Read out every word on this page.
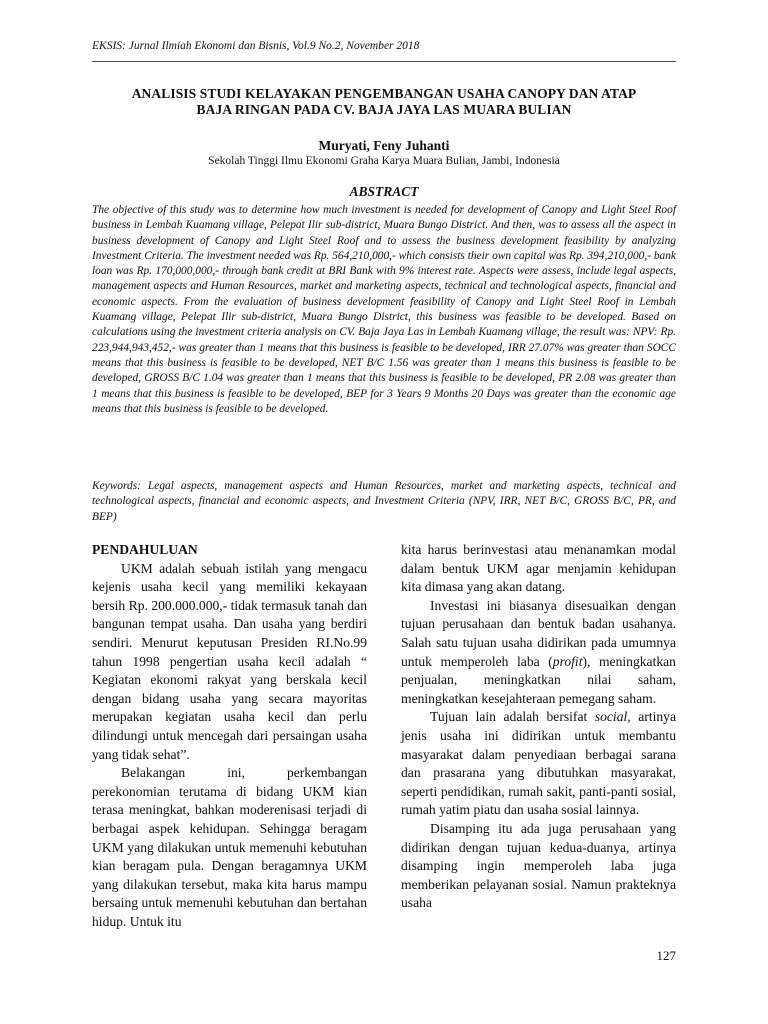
EKSIS: Jurnal Ilmiah Ekonomi dan Bisnis, Vol.9 No.2, November 2018
ANALISIS STUDI KELAYAKAN PENGEMBANGAN USAHA CANOPY DAN ATAP
BAJA RINGAN PADA CV. BAJA JAYA LAS MUARA BULIAN
Muryati, Feny Juhanti
Sekolah Tinggi Ilmu Ekonomi Graha Karya Muara Bulian, Jambi, Indonesia
ABSTRACT
The objective of this study was to determine how much investment is needed for development of Canopy and Light Steel Roof business in Lembah Kuamang village, Pelepat Ilir sub-district, Muara Bungo District. And then, was to assess all the aspect in business development of Canopy and Light Steel Roof and to assess the business development feasibility by analyzing Investment Criteria. The investment needed was Rp. 564,210,000,- which consists their own capital was Rp. 394,210,000,- bank loan was Rp. 170,000,000,- through bank credit at BRI Bank with 9% interest rate. Aspects were assess, include legal aspects, management aspects and Human Resources, market and marketing aspects, technical and technological aspects, financial and economic aspects. From the evaluation of business development feasibility of Canopy and Light Steel Roof in Lembah Kuamang village, Pelepat Ilir sub-district, Muara Bungo District, this business was feasible to be developed. Based on calculations using the investment criteria analysis on CV. Baja Jaya Las in Lembah Kuamang village, the result was: NPV: Rp. 223,944,943,452,- was greater than 1 means that this business is feasible to be developed, IRR 27.07% was greater than SOCC means that this business is feasible to be developed, NET B/C 1.56 was greater than 1 means this business is feasible to be developed, GROSS B/C 1.04 was greater than 1 means that this business is feasible to be developed, PR 2.08 was greater than 1 means that this business is feasible to be developed, BEP for 3 Years 9 Months 20 Days was greater than the economic age means that this business is feasible to be developed.
Keywords: Legal aspects, management aspects and Human Resources, market and marketing aspects, technical and technological aspects, financial and economic aspects, and Investment Criteria (NPV, IRR, NET B/C, GROSS B/C, PR, and BEP)

PENDAHULUAN

UKM adalah sebuah istilah yang mengacu kejenis usaha kecil yang memiliki kekayaan bersih Rp. 200.000.000,- tidak termasuk tanah dan bangunan tempat usaha. Dan usaha yang berdiri sendiri. Menurut keputusan Presiden RI.No.99 tahun 1998 pengertian usaha kecil adalah “ Kegiatan ekonomi rakyat yang berskala kecil dengan bidang usaha yang secara mayoritas merupakan kegiatan usaha kecil dan perlu dilindungi untuk mencegah dari persaingan usaha yang tidak sehat”.

Belakangan ini, perkembangan perekonomian terutama di bidang UKM kian terasa meningkat, bahkan moderenisasi terjadi di berbagai aspek kehidupan. Sehingga beragam UKM yang dilakukan untuk memenuhi kebutuhan kian beragam pula. Dengan beragamnya UKM yang dilakukan tersebut, maka kita harus mampu bersaing untuk memenuhi kebutuhan dan bertahan hidup. Untuk itu

kita harus berinvestasi atau menanamkan modal dalam bentuk UKM agar menjamin kehidupan kita dimasa yang akan datang.

Investasi ini biasanya disesuaikan dengan tujuan perusahaan dan bentuk badan usahanya. Salah satu tujuan usaha didirikan pada umumnya untuk memperoleh laba (profit), meningkatkan penjualan, meningkatkan nilai saham, meningkatkan kesejahteraan pemegang saham.

Tujuan lain adalah bersifat social, artinya jenis usaha ini didirikan untuk membantu masyarakat dalam penyediaan berbagai sarana dan prasarana yang dibutuhkan masyarakat, seperti pendidikan, rumah sakit, panti-panti sosial, rumah yatim piatu dan usaha sosial lainnya.

Disamping itu ada juga perusahaan yang didirikan dengan tujuan kedua-duanya, artinya disamping ingin memperoleh laba juga memberikan pelayanan sosial. Namun prakteknya usaha

127
